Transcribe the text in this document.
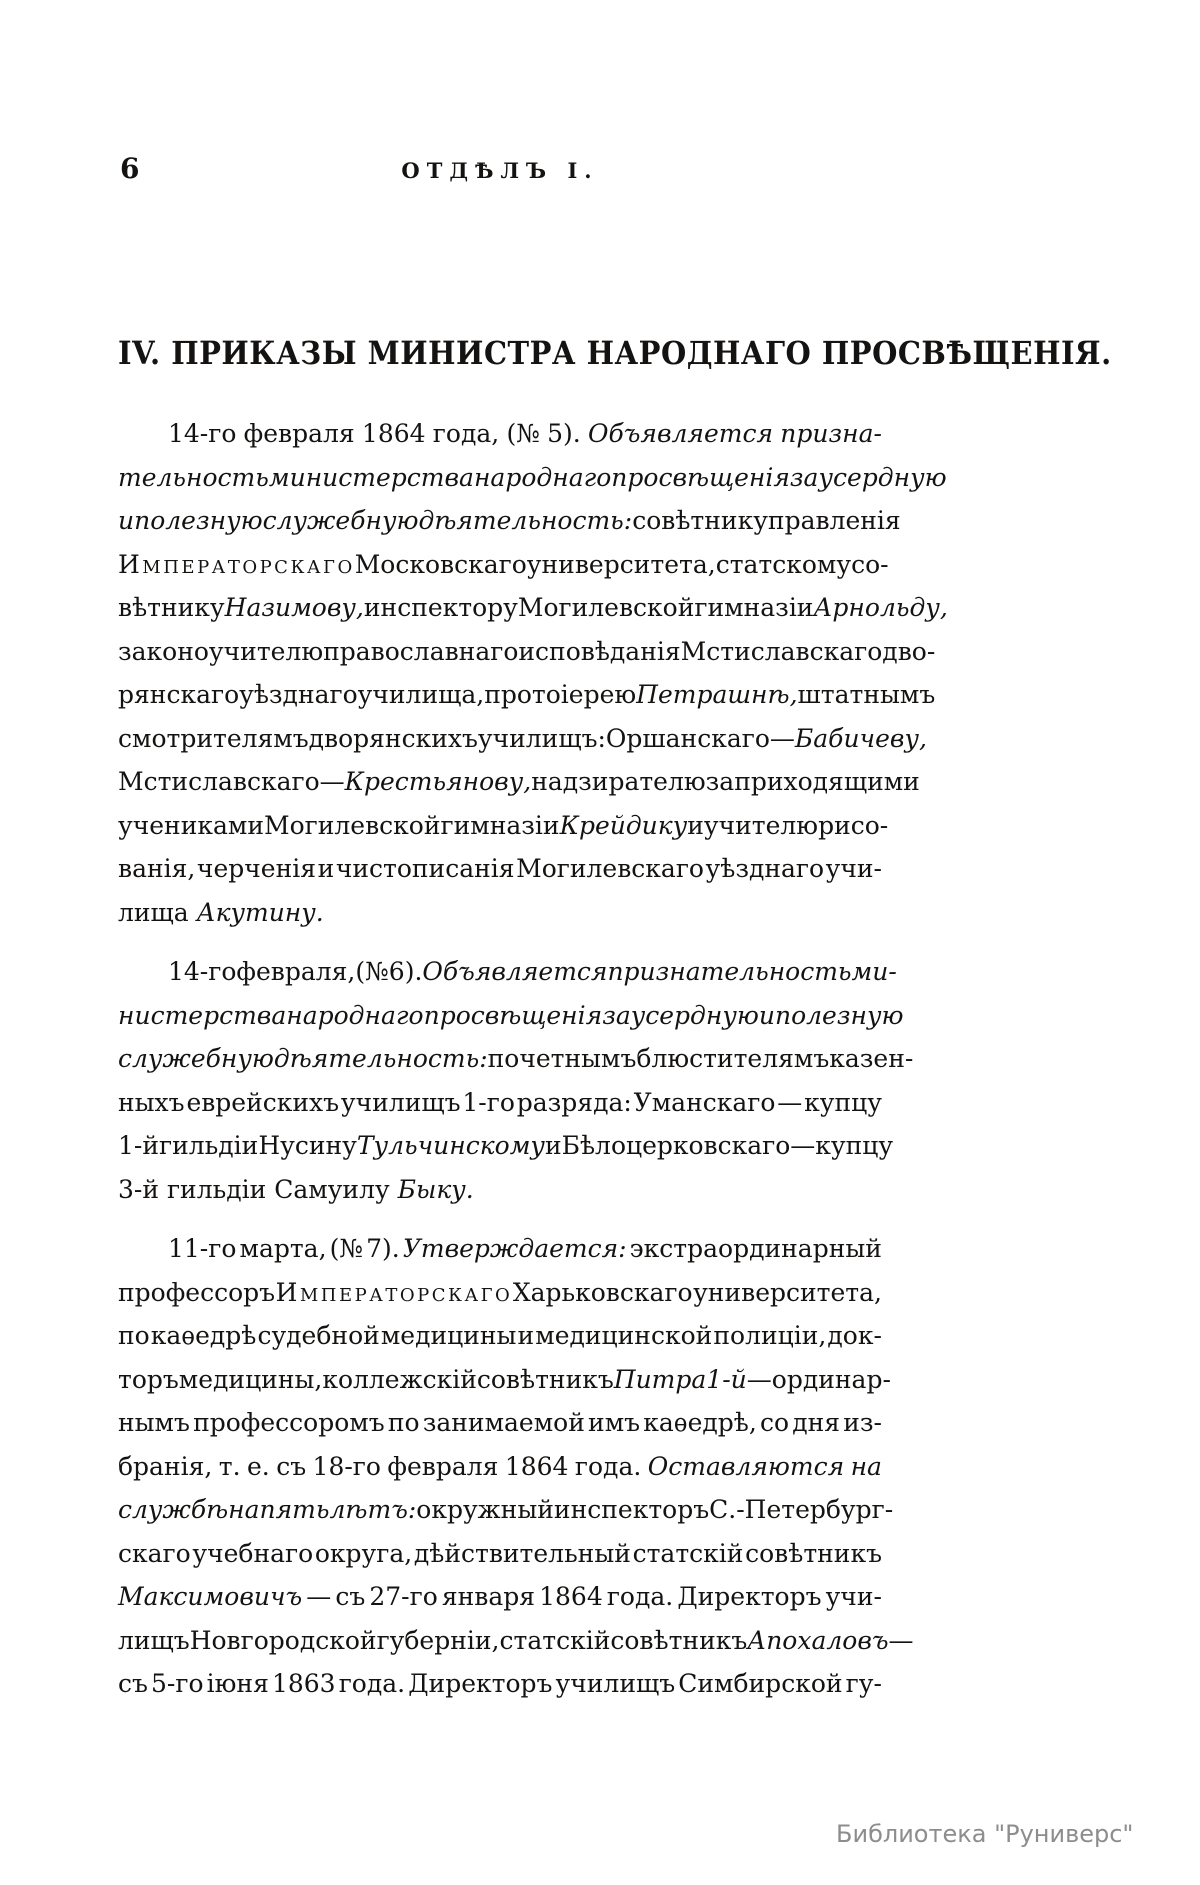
6	ОТДѢЛЪ I.
IV. ПРИКАЗЫ МИНИСТРА НАРОДНАГО ПРОСВѢЩЕНІЯ.
14-го февраля 1864 года, (№ 5). Объявляется призна-
тельность министерства народнаго просвѣщенія за усердную
и полезную служебную дѣятельность: совѣтнику правленія
Императорскаго Московскаго университета, статскому со-
вѣтнику Назимову, инспектору Могилевской гимназіи Арнольду,
законоучителю православнаго исповѣданія Мстиславскаго дво-
рянскаго уѣзднаго училища, протоіерею Петрашнѣ, штатнымъ
смотрителямъ дворянскихъ училищъ: Оршанскаго — Бабичеву,
Мстиславскаго — Крестьянову, надзирателю за приходящими
учениками Могилевской гимназіи Крейдику и учителю рисо-
ванія, черченія и чистописанія Могилевскаго уѣзднаго учи-
лища Акутину.
14-го февраля, (№ 6). Объявляется признательность ми-
нистерства народнаго просвѣщенія за усердную и полезную
служебную дѣятельность: почетнымъ блюстителямъ казен-
ныхъ еврейскихъ училищъ 1-го разряда: Уманскаго — купцу
1-й гильдіи Нусину Тульчинскому и Бѣлоцерковскаго — купцу
3-й гильдіи Самуилу Быку.
11-го марта, (№ 7). Утверждается: экстраординарный
профессоръ Императорскаго Харьковскаго университета,
по каѳедрѣ судебной медицины и медицинской полиціи, док-
торъ медицины, коллежскій совѣтникъ Питра 1-й — ординар-
нымъ профессоромъ по занимаемой имъ каѳедрѣ, со дня из-
бранія, т. е. съ 18-го февраля 1864 года. Оставляются на
службѣ на пять лѣтъ: окружный инспекторъ С.-Петербург-
скаго учебнаго округа, дѣйствительный статскій совѣтникъ
Максимовичъ — съ 27-го января 1864 года. Директоръ учи-
лищъ Новгородской губерніи, статскій совѣтникъ Апохаловъ —
съ 5-го іюня 1863 года. Директоръ училищъ Симбирской гу-
Библиотека "Руниверс"
